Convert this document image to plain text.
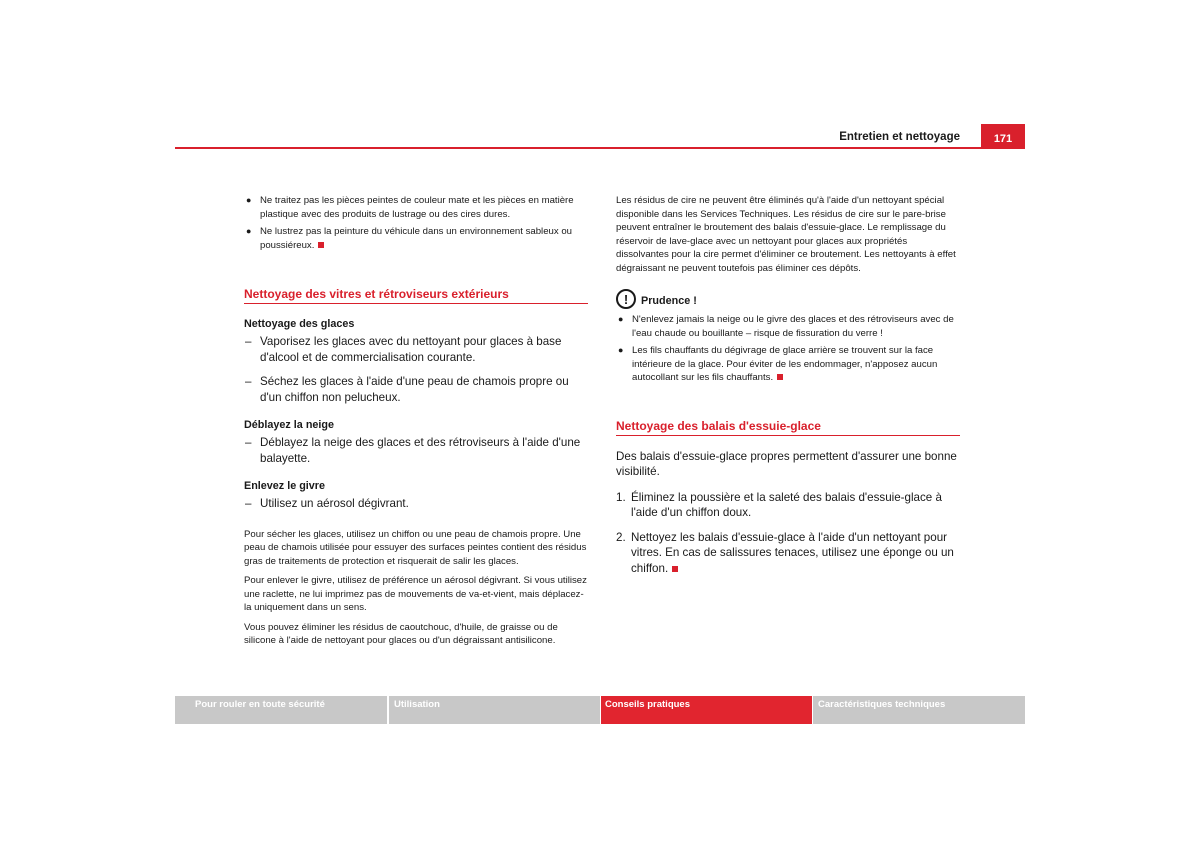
Entretien et nettoyage	171
● Ne traitez pas les pièces peintes de couleur mate et les pièces en matière plastique avec des produits de lustrage ou des cires dures.
● Ne lustrez pas la peinture du véhicule dans un environnement sableux ou poussiéreux.
Nettoyage des vitres et rétroviseurs extérieurs
Nettoyage des glaces
– Vaporisez les glaces avec du nettoyant pour glaces à base d'alcool et de commercialisation courante.
– Séchez les glaces à l'aide d'une peau de chamois propre ou d'un chiffon non pelucheux.
Déblayez la neige
– Déblayez la neige des glaces et des rétroviseurs à l'aide d'une balayette.
Enlevez le givre
– Utilisez un aérosol dégivrant.

Pour sécher les glaces, utilisez un chiffon ou une peau de chamois propre. Une peau de chamois utilisée pour essuyer des surfaces peintes contient des résidus gras de traitements de protection et risquerait de salir les glaces.

Pour enlever le givre, utilisez de préférence un aérosol dégivrant. Si vous utilisez une raclette, ne lui imprimez pas de mouvements de va-et-vient, mais déplacez-la uniquement dans un sens.

Vous pouvez éliminer les résidus de caoutchouc, d'huile, de graisse ou de silicone à l'aide de nettoyant pour glaces ou d'un dégraissant antisilicone.

Les résidus de cire ne peuvent être éliminés qu'à l'aide d'un nettoyant spécial disponible dans les Services Techniques. Les résidus de cire sur le pare-brise peuvent entraîner le broutement des balais d'essuie-glace. Le remplissage du réservoir de lave-glace avec un nettoyant pour glaces aux propriétés dissolvantes pour la cire permet d'éliminer ce broutement. Les nettoyants à effet dégraissant ne peuvent toutefois pas éliminer ces dépôts.

!	Prudence !
● N'enlevez jamais la neige ou le givre des glaces et des rétroviseurs avec de l'eau chaude ou bouillante – risque de fissuration du verre !
● Les fils chauffants du dégivrage de glace arrière se trouvent sur la face intérieure de la glace. Pour éviter de les endommager, n'apposez aucun autocollant sur les fils chauffants.
Nettoyage des balais d'essuie-glace

Des balais d'essuie-glace propres permettent d'assurer une bonne visibilité.

1. Éliminez la poussière et la saleté des balais d'essuie-glace à l'aide d'un chiffon doux.
2. Nettoyez les balais d'essuie-glace à l'aide d'un nettoyant pour vitres. En cas de salissures tenaces, utilisez une éponge ou un chiffon.
Pour rouler en toute sécurité	Utilisation	Conseils pratiques	Caractéristiques techniques
